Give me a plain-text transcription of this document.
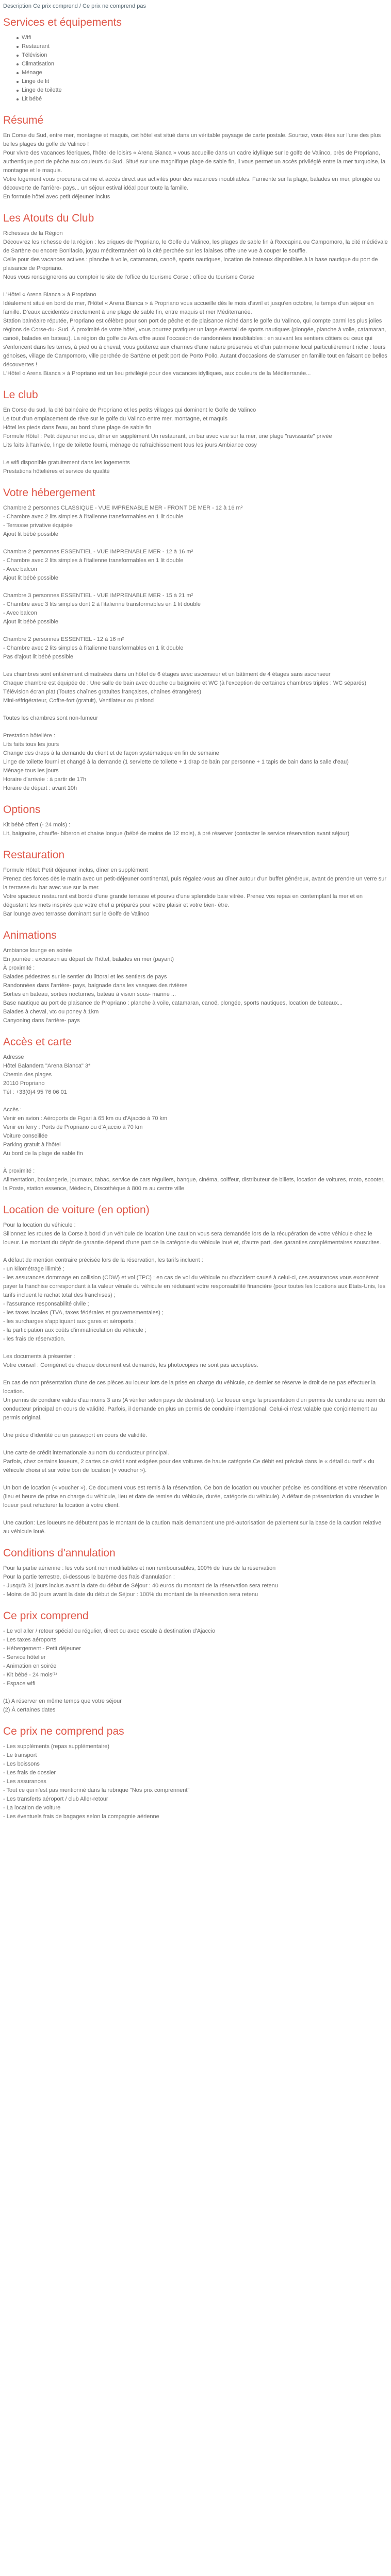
Description Ce prix comprend / Ce prix ne comprend pas
Services et équipements
Wifi
Restaurant
Télévision
Climatisation
Ménage
Linge de lit
Linge de toilette
Lit bébé
Résumé

En Corse du Sud, entre mer, montagne et maquis, cet hôtel est situé dans un véritable paysage de carte postale. Sourtez, vous êtes sur l'une des plus belles plages du golfe de Valinco !

Pour vivre des vacances féeriques, l'hôtel de loisirs « Arena Bianca » vous accueille dans un cadre idyllique sur le golfe de Valinco, près de Propriano, authentique port de pêche aux couleurs du Sud. Situé sur une magnifique plage de sable fin, il vous permet un accès privilégié entre la mer turquoise, la montagne et le maquis.

Votre logement vous procurera calme et accès direct aux activités pour des vacances inoubliables. Farniente sur la plage, balades en mer, plongée ou découverte de l'arrière- pays... un séjour estival idéal pour toute la famille.

En formule hôtel avec petit déjeuner inclus

Les Atouts du Club

Richesses de la Région

Découvrez les richesse de la région : les criques de Propriano, le Golfe du Valinco, les plages de sable fin à Roccapina ou Campomoro, la cité médiévale de Sartène ou encore Bonifacio, joyau méditerranéen où la cité perchée sur les falaises offre une vue à couper le souffle.

Celle pour des vacances actives : planche à voile, catamaran, canoë, sports nautiques, location de bateaux disponibles à la base nautique du port de plaisance de Propriano.

Nous vous renseignerons au comptoir le site de l'office du tourisme Corse : office du tourisme Corse

L'Hôtel « Arena Bianca » à Propriano

Idéalement situé en bord de mer, l'Hôtel « Arena Bianca » à Propriano vous accueille dès le mois d'avril et jusqu'en octobre, le temps d'un séjour en famille. D'eaux accidentés directement à une plage de sable fin, entre maquis et mer Méditerranée.

Station balnéaire réputée, Propriano est célèbre pour son port de pêche et de plaisance niché dans le golfe du Valinco, qui compte parmi les plus jolies régions de Corse-du- Sud. À proximité de votre hôtel, vous pourrez pratiquer un large éventail de sports nautiques (plongée, planche à voile, catamaran, canoë, balades en bateau). La région du golfe de Ava offre aussi l'occasion de randonnées inoubliables : en suivant les sentiers côtiers ou ceux qui s'enfoncent dans les terres, à pied ou à cheval, vous goûterez aux charmes d'une nature préservée et d'un patrimoine local particulièrement riche : tours génoises, village de Campomoro, ville perchée de Sartène et petit port de Porto Pollo. Autant d'occasions de s'amuser en famille tout en faisant de belles découvertes !

L'Hôtel « Arena Bianca » à Propriano est un lieu privilégié pour des vacances idylliques, aux couleurs de la Méditerranée...

Le club

En Corse du sud, la cité balnéaire de Propriano et les petits villages qui dominent le Golfe de Valinco

Le tout d'un emplacement de rêve sur le golfe du Valinco entre mer, montagne, et maquis

Hôtel les pieds dans l'eau, au bord d'une plage de sable fin

Formule Hôtel : Petit déjeuner inclus, dîner en supplément Un restaurant, un bar avec vue sur la mer, une plage "ravissante" privée

Lits faits à l'arrivée, linge de toilette fourni, ménage de rafraîchissement tous les jours Ambiance cosy

Le wifi disponible gratuitement dans les logements

Prestations hôtelières et service de qualité

Votre hébergement

Chambre 2 personnes CLASSIQUE - VUE IMPRENABLE MER - FRONT DE MER - 12 à 16 m²

- Chambre avec 2 lits simples à l'italienne transformables en 1 lit double

- Terrasse privative équipée

Ajout lit bébé possible

Chambre 2 personnes ESSENTIEL - VUE IMPRENABLE MER - 12 à 16 m²

- Chambre avec 2 lits simples à l'italienne transformables en 1 lit double

- Avec balcon

Ajout lit bébé possible

Chambre 3 personnes ESSENTIEL - VUE IMPRENABLE MER - 15 à 21 m²

- Chambre avec 3 lits simples dont 2 à l'italienne transformables en 1 lit double

- Avec balcon

Ajout lit bébé possible

Chambre 2 personnes ESSENTIEL - 12 à 16 m²

- Chambre avec 2 lits simples à l'italienne transformables en 1 lit double

Pas d'ajout lit bébé possible

Les chambres sont entièrement climatisées dans un hôtel de 6 étages avec ascenseur et un bâtiment de 4 étages sans ascenseur

Chaque chambre est équipée de : Une salle de bain avec douche ou baignoire et WC (à l'exception de certaines chambres triples : WC séparés)

Télévision écran plat (Toutes chaînes gratuites françaises, chaînes étrangères)

Mini-réfrigérateur, Coffre-fort (gratuit), Ventilateur ou plafond

Toutes les chambres sont non-fumeur

Prestation hôtelière :

Lits faits tous les jours

Change des draps à la demande du client et de façon systématique en fin de semaine

Linge de toilette fourni et changé à la demande (1 serviette de toilette + 1 drap de bain par personne + 1 tapis de bain dans la salle d'eau)

Ménage tous les jours

Horaire d'arrivée : à partir de 17h

Horaire de départ : avant 10h

Options

Kit bébé offert (- 24 mois) :

Lit, baignoire, chauffe- biberon et chaise longue (bébé de moins de 12 mois), à pré réserver (contacter le service réservation avant séjour)

Restauration

Formule Hôtel: Petit déjeuner inclus, dîner en supplément

Prenez des forces dès le matin avec un petit-déjeuner continental, puis régalez-vous au dîner autour d'un buffet généreux, avant de prendre un verre sur la terrasse du bar avec vue sur la mer.

Votre spacieux restaurant est bordé d'une grande terrasse et pourvu d'une splendide baie vitrée. Prenez vos repas en contemplant la mer et en dégustant les mets inspirés que votre chef a préparés pour votre plaisir et votre bien- être.

Bar lounge avec terrasse dominant sur le Golfe de Valinco

Animations

Ambiance lounge en soirée

En journée : excursion au départ de l'hôtel, balades en mer (payant)

À proximité :

Balades pédestres sur le sentier du littoral et les sentiers de pays

Randonnées dans l'arrière- pays, baignade dans les vasques des rivières

Sorties en bateau, sorties nocturnes, bateau à vision sous- marine ...

Base nautique au port de plaisance de Propriano : planche à voile, catamaran, canoë, plongée, sports nautiques, location de bateaux...

Balades à cheval, vtc ou poney à 1km

Canyoning dans l'arrière- pays

Accès et carte

Adresse

Hôtel Balandera "Arena Bianca" 3*

Chemin des plages

20110 Propriano

Tél : +33(0)4 95 76 06 01

Accès :

Venir en avion : Aéroports de Figari à 65 km ou d'Ajaccio à 70 km

Venir en ferry : Ports de Propriano ou d'Ajaccio à 70 km

Voiture conseillée

Parking gratuit à l'hôtel

Au bord de la plage de sable fin

À proximité :

Alimentation, boulangerie, journaux, tabac, service de cars réguliers, banque, cinéma, coiffeur, distributeur de billets, location de voitures, moto, scooter, la Poste, station essence, Médecin, Discothèque à 800 m au centre ville

Location de voiture (en option)

Pour la location du véhicule :

Sillonnez les routes de la Corse à bord d'un véhicule de location Une caution vous sera demandée lors de la récupération de votre véhicule chez le loueur. Le montant du dépôt de garantie dépend d'une part de la catégorie du véhicule loué et, d'autre part, des garanties complémentaires souscrites.

A défaut de mention contraire précisée lors de la réservation, les tarifs incluent :

- un kilométrage illimité ;

- les assurances dommage en collision (CDW) et vol (TPC) : en cas de vol du véhicule ou d'accident causé à celui-ci, ces assurances vous exonèrent payer la franchise correspondant à la valeur vénale du véhicule en réduisant votre responsabilité financière (pour toutes les locations aux Etats-Unis, les tarifs incluent le rachat total des franchises) ;

- l'assurance responsabilité civile ;

- les taxes locales (TVA, taxes fédérales et gouvernementales) ;

- les surcharges s'appliquant aux gares et aéroports ;

- la participation aux coûts d'immatriculation du véhicule ;

- les frais de réservation.

Les documents à présenter :

Votre conseil : Corrigénet de chaque document est demandé, les photocopies ne sont pas acceptées.

En cas de non présentation d'une de ces pièces au loueur lors de la prise en charge du véhicule, ce dernier se réserve le droit de ne pas effectuer la location.

Un permis de conduire valide d'au moins 3 ans (A vérifier selon pays de destination). Le loueur exige la présentation d'un permis de conduire au nom du conducteur principal en cours de validité. Parfois, il demande en plus un permis de conduire international. Celui-ci n'est valable que conjointement au permis original.

Une pièce d'identité ou un passeport en cours de validité.

Une carte de crédit internationale au nom du conducteur principal.

Parfois, chez certains loueurs, 2 cartes de crédit sont exigées pour des voitures de haute catégorie.Ce débit est précisé dans le « détail du tarif » du véhicule choisi et sur votre bon de location (« voucher »).

Un bon de location (« voucher »). Ce document vous est remis à la réservation. Ce bon de location ou voucher précise les conditions et votre réservation (lieu et heure de prise en charge du véhicule, lieu et date de remise du véhicule, durée, catégorie du véhicule). A défaut de présentation du voucher le loueur peut refacturer la location à votre client.

Une caution: Les loueurs ne débutent pas le montant de la caution mais demandent une pré-autorisation de paiement sur la base de la caution relative au véhicule loué.

Conditions d'annulation

Pour la partie aérienne : les vols sont non modifiables et non remboursables, 100% de frais de la réservation

Pour la partie terrestre, ci-dessous le barème des frais d'annulation :

- Jusqu'à 31 jours inclus avant la date du début de Séjour : 40 euros du montant de la réservation sera retenu

- Moins de 30 jours avant la date du début de Séjour : 100% du montant de la réservation sera retenu

Ce prix comprend

- Le vol aller / retour spécial ou régulier, direct ou avec escale à destination d'Ajaccio

- Les taxes aéroports

- Hébergement - Petit déjeuner

- Service hôtelier

- Animation en soirée

- Kit bébé - 24 mois⁽¹⁾

- Espace wifi

(1) A réserver en même temps que votre séjour

(2) À certaines dates

Ce prix ne comprend pas

- Les suppléments (repas supplémentaire)

- Le transport

- Les boissons

- Les frais de dossier

- Les assurances

- Tout ce qui n'est pas mentionné dans la rubrique "Nos prix comprennent"

- Les transferts aéroport / club Aller-retour

- La location de voiture

- Les éventuels frais de bagages selon la compagnie aérienne
